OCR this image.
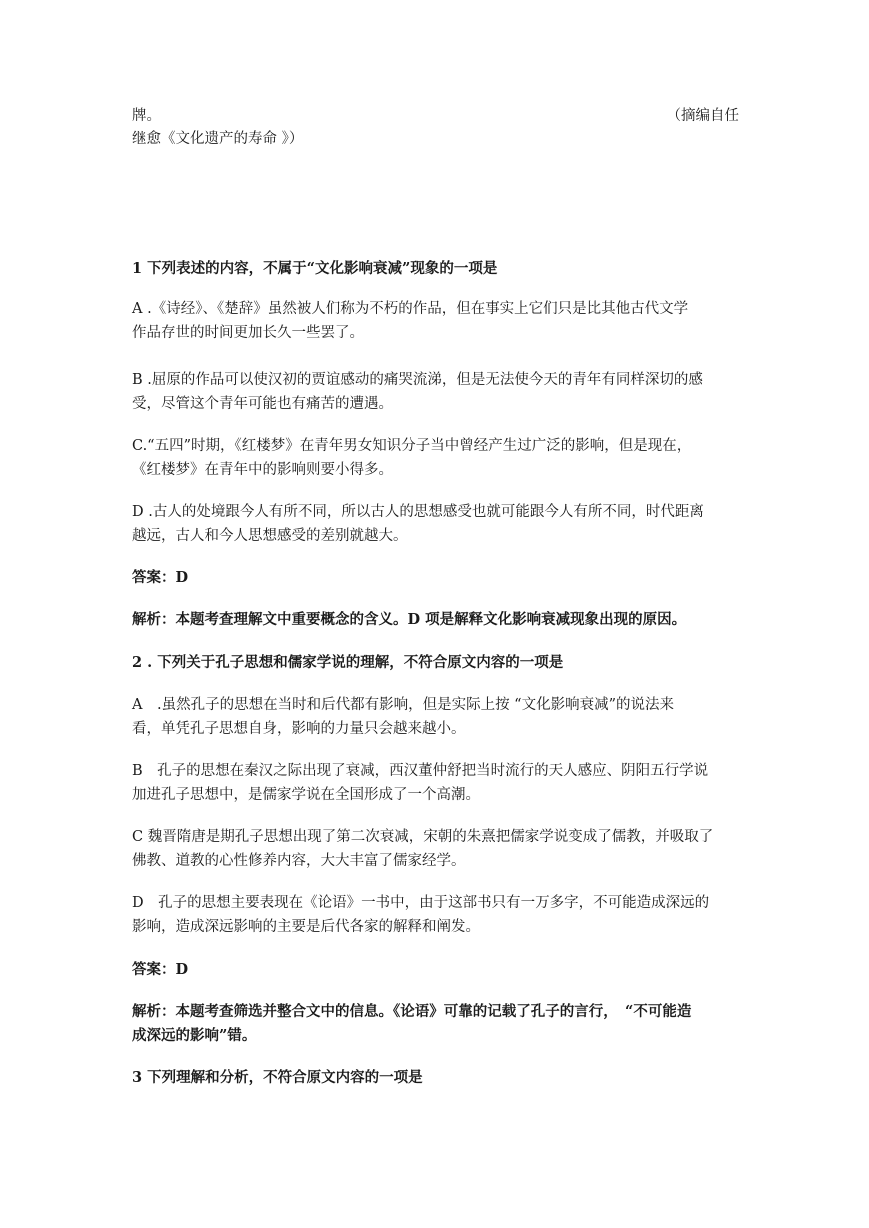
牌。	（摘编自任
继愈《文化遗产的寿命 》）
1 下列表述的内容，不属于“文化影响衰减”现象的一项是
A .《诗经》、《楚辞》虽然被人们称为不朽的作品，但在事实上它们只是比其他古代文学
作品存世的时间更加长久一些罢了。
B .屈原的作品可以使汉初的贾谊感动的痛哭流涕，但是无法使今天的青年有同样深切的感
受，尽管这个青年可能也有痛苦的遭遇。
C.“五四”时期，《红楼梦》在青年男女知识分子当中曾经产生过广泛的影响，但是现在，
《红楼梦》在青年中的影响则要小得多。
D .古人的处境跟今人有所不同，所以古人的思想感受也就可能跟今人有所不同，时代距离
越远，古人和今人思想感受的差别就越大。
答案：D
解析：本题考查理解文中重要概念的含义。D 项是解释文化影响衰减现象出现的原因。
2 . 下列关于孔子思想和儒家学说的理解，不符合原文内容的一项是
A　.虽然孔子的思想在当时和后代都有影响，但是实际上按 “文化影响衰减”的说法来
看，单凭孔子思想自身，影响的力量只会越来越小。
B　孔子的思想在秦汉之际出现了衰减，西汉董仲舒把当时流行的天人感应、阴阳五行学说
加进孔子思想中，是儒家学说在全国形成了一个高潮。
C 魏晋隋唐是期孔子思想出现了第二次衰减，宋朝的朱熹把儒家学说变成了儒教，并吸取了
佛教、道教的心性修养内容，大大丰富了儒家经学。
D　孔子的思想主要表现在《论语》一书中，由于这部书只有一万多字，不可能造成深远的
影响，造成深远影响的主要是后代各家的解释和阐发。
答案：D
解析：本题考查筛选并整合文中的信息。《论语》可靠的记载了孔子的言行，　“不可能造
成深远的影响”错。
3 下列理解和分析，不符合原文内容的一项是
